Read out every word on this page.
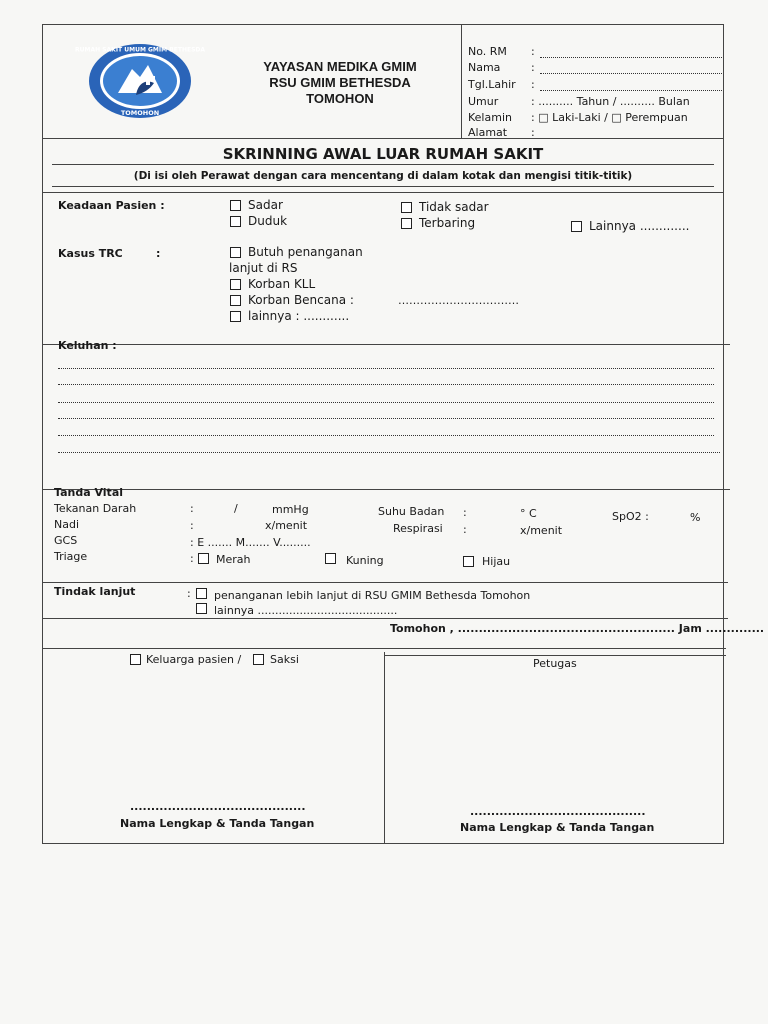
RUMAH SAKIT UMUM GMIM BETHESDA
TOMOHON
YAYASAN MEDIKA GMIM
RSU GMIM BETHESDA
TOMOHON
No. RM :
Nama	:
Tgl.Lahir :
Umur	: .......... Tahun / .......... Bulan
Kelamin : □ Laki-Laki / □ Perempuan
Alamat :
SKRINNING AWAL LUAR RUMAH SAKIT
(Di isi oleh Perawat dengan cara mencentang di dalam kotak dan mengisi titik-titik)
Keadaan Pasien :	Sadar
Duduk
Tidak sadar
Terbaring	Lainnya .............
Kasus TRC	:	Butuh penanganan
lanjut di RS
Korban KLL
Korban Bencana :	……………………………
lainnya : ............
Keluhan :
Tanda Vital
Tekanan Darah	:	/	mmHg
Nadi	:	x/menit
GCS	: E ....... M....... V.........
Triage	: Merah	Kuning	Hijau
Suhu Badan :	° C
Respirasi :	x/menit
SpO2 :	%
Tindak lanjut	: penanganan lebih lanjut di RSU GMIM Bethesda Tomohon
lainnya ........................................
Tomohon , .................................................... Jam ..............
Keluarga pasien /	Saksi	Petugas
..........................................
Nama Lengkap & Tanda Tangan
..........................................
Nama Lengkap & Tanda Tangan
